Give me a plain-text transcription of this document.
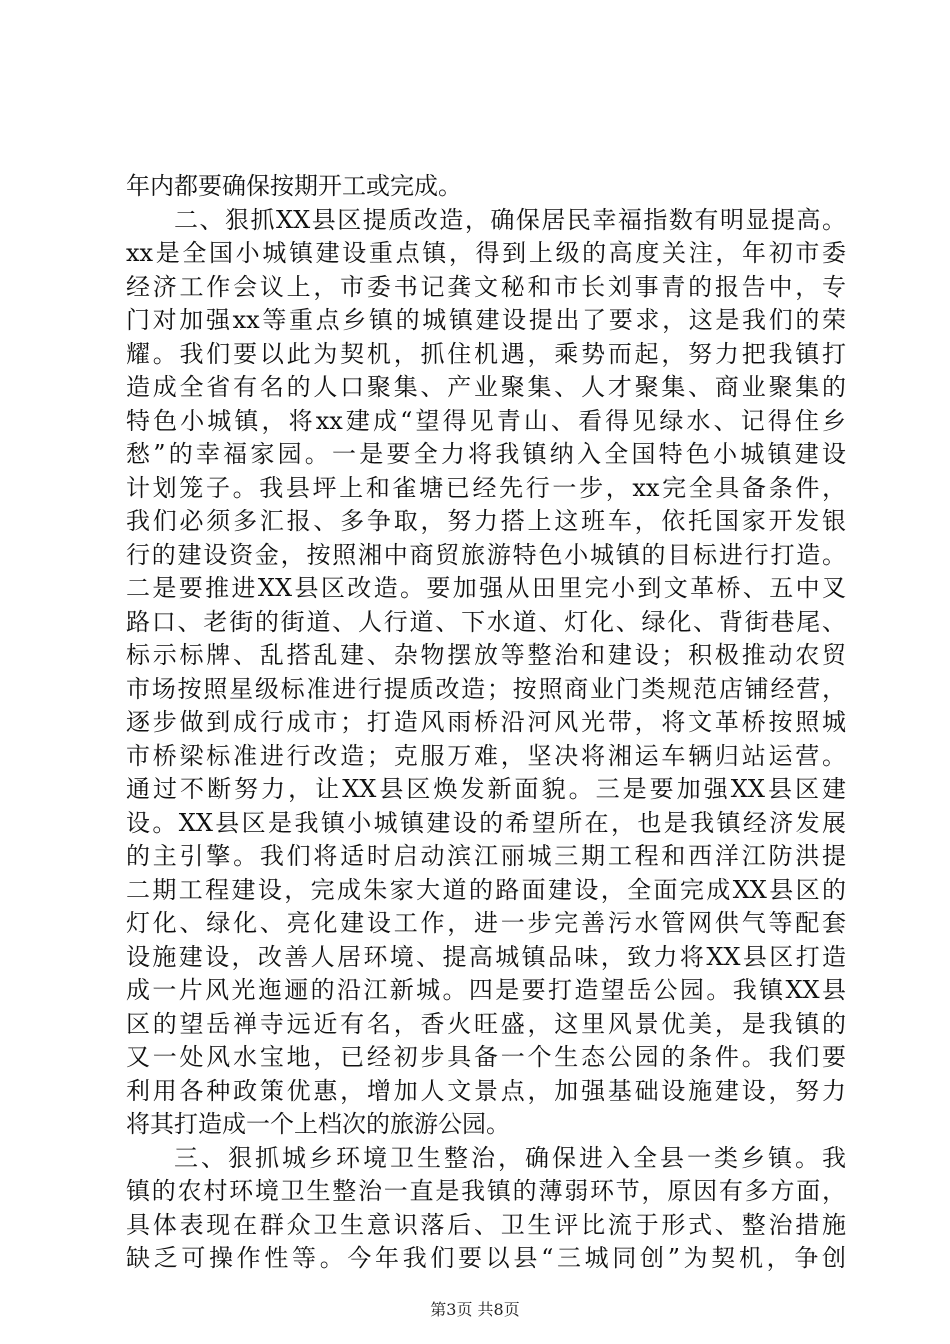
年内都要确保按期开工或完成。
二、狠抓XX县区提质改造，确保居民幸福指数有明显提高。
xx是全国小城镇建设重点镇，得到上级的高度关注，年初市委
经济工作会议上，市委书记龚文秘和市长刘事青的报告中，专
门对加强xx等重点乡镇的城镇建设提出了要求，这是我们的荣
耀。我们要以此为契机，抓住机遇，乘势而起，努力把我镇打
造成全省有名的人口聚集、产业聚集、人才聚集、商业聚集的
特色小城镇，将xx建成“望得见青山、看得见绿水、记得住乡
愁”的幸福家园。一是要全力将我镇纳入全国特色小城镇建设
计划笼子。我县坪上和雀塘已经先行一步，xx完全具备条件，
我们必须多汇报、多争取，努力搭上这班车，依托国家开发银
行的建设资金，按照湘中商贸旅游特色小城镇的目标进行打造。
二是要推进XX县区改造。要加强从田里完小到文革桥、五中叉
路口、老街的街道、人行道、下水道、灯化、绿化、背街巷尾、
标示标牌、乱搭乱建、杂物摆放等整治和建设；积极推动农贸
市场按照星级标准进行提质改造；按照商业门类规范店铺经营，
逐步做到成行成市；打造风雨桥沿河风光带，将文革桥按照城
市桥梁标准进行改造；克服万难，坚决将湘运车辆归站运营。
通过不断努力，让XX县区焕发新面貌。三是要加强XX县区建
设。XX县区是我镇小城镇建设的希望所在，也是我镇经济发展
的主引擎。我们将适时启动滨江丽城三期工程和西洋江防洪提
二期工程建设，完成朱家大道的路面建设，全面完成XX县区的
灯化、绿化、亮化建设工作，进一步完善污水管网供气等配套
设施建设，改善人居环境、提高城镇品味，致力将XX县区打造
成一片风光迤逦的沿江新城。四是要打造望岳公园。我镇XX县
区的望岳禅寺远近有名，香火旺盛，这里风景优美，是我镇的
又一处风水宝地，已经初步具备一个生态公园的条件。我们要
利用各种政策优惠，增加人文景点，加强基础设施建设，努力
将其打造成一个上档次的旅游公园。
三、狠抓城乡环境卫生整治，确保进入全县一类乡镇。我
镇的农村环境卫生整治一直是我镇的薄弱环节，原因有多方面，
具体表现在群众卫生意识落后、卫生评比流于形式、整治措施
缺乏可操作性等。今年我们要以县“三城同创”为契机，争创
第3页 共8页
